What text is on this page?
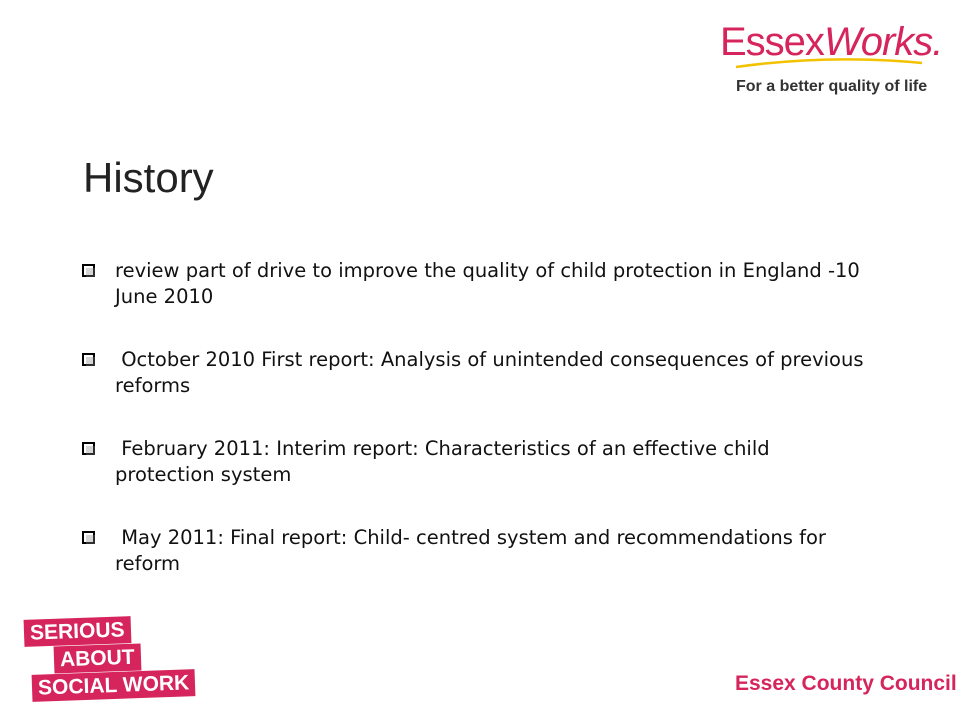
EssexWorks.
For a better quality of life
History
review part of drive to improve the quality of child protection in England -10 June 2010
October 2010 First report: Analysis of unintended consequences of previous reforms
February 2011: Interim report: Characteristics of an effective child protection system
May 2011: Final report: Child- centred system and recommendations for reform
SERIOUS
ABOUT
SOCIAL WORK	Essex County Council
